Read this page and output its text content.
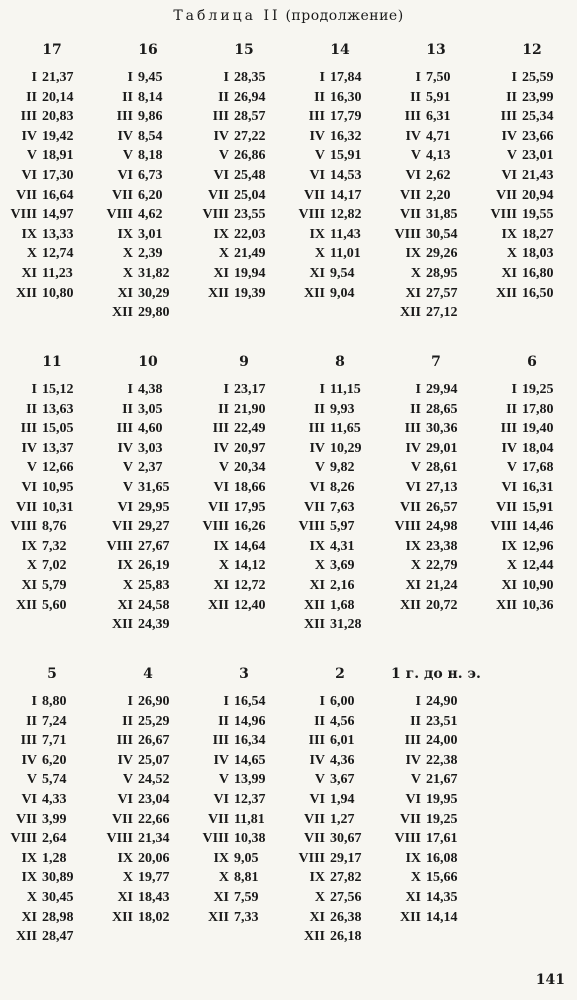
Таблица II (продолжение)
17
I 21,37
II 20,14
III 20,83
IV 19,42
V 18,91
VI 17,30
VII 16,64
VIII 14,97
IX 13,33
X 12,74
XI 11,23
XII 10,80
16
I 9,45
II 8,14
III 9,86
IV 8,54
V 8,18
VI 6,73
VII 6,20
VIII 4,62
IX 3,01
X 2,39
X 31,82
XI 30,29
XII 29,80
15
I 28,35
II 26,94
III 28,57
IV 27,22
V 26,86
VI 25,48
VII 25,04
VIII 23,55
IX 22,03
X 21,49
XI 19,94
XII 19,39
14
I 17,84
II 16,30
III 17,79
IV 16,32
V 15,91
VI 14,53
VII 14,17
VIII 12,82
IX 11,43
X 11,01
XI 9,54
XII 9,04
13
I 7,50
II 5,91
III 6,31
IV 4,71
V 4,13
VI 2,62
VII 2,20
VII 31,85
VIII 30,54
IX 29,26
X 28,95
XI 27,57
XII 27,12
12
I 25,59
II 23,99
III 25,34
IV 23,66
V 23,01
VI 21,43
VII 20,94
VIII 19,55
IX 18,27
X 18,03
XI 16,80
XII 16,50
11
I 15,12
II 13,63
III 15,05
IV 13,37
V 12,66
VI 10,95
VII 10,31
VIII 8,76
IX 7,32
X 7,02
XI 5,79
XII 5,60
10
I 4,38
II 3,05
III 4,60
IV 3,03
V 2,37
V 31,65
VI 29,95
VII 29,27
VIII 27,67
IX 26,19
X 25,83
XI 24,58
XII 24,39
9
I 23,17
II 21,90
III 22,49
IV 20,97
V 20,34
VI 18,66
VII 17,95
VIII 16,26
IX 14,64
X 14,12
XI 12,72
XII 12,40
8
I 11,15
II 9,93
III 11,65
IV 10,29
V 9,82
VI 8,26
VII 7,63
VIII 5,97
IX 4,31
X 3,69
XI 2,16
XII 1,68
XII 31,28
7
I 29,94
II 28,65
III 30,36
IV 29,01
V 28,61
VI 27,13
VII 26,57
VIII 24,98
IX 23,38
X 22,79
XI 21,24
XII 20,72
6
I 19,25
II 17,80
III 19,40
IV 18,04
V 17,68
VI 16,31
VII 15,91
VIII 14,46
IX 12,96
X 12,44
XI 10,90
XII 10,36
5
I 8,80
II 7,24
III 7,71
IV 6,20
V 5,74
VI 4,33
VII 3,99
VIII 2,64
IX 1,28
IX 30,89
X 30,45
XI 28,98
XII 28,47
4
I 26,90
II 25,29
III 26,67
IV 25,07
V 24,52
VI 23,04
VII 22,66
VIII 21,34
IX 20,06
X 19,77
XI 18,43
XII 18,02
3
I 16,54
II 14,96
III 16,34
IV 14,65
V 13,99
VI 12,37
VII 11,81
VIII 10,38
IX 9,05
X 8,81
XI 7,59
XII 7,33
2
I 6,00
II 4,56
III 6,01
IV 4,36
V 3,67
VI 1,94
VII 1,27
VII 30,67
VIII 29,17
IX 27,82
X 27,56
XI 26,38
XII 26,18
1 г. до н. э.
I 24,90
II 23,51
III 24,00
IV 22,38
V 21,67
VI 19,95
VII 19,25
VIII 17,61
IX 16,08
X 15,66
XI 14,35
XII 14,14
141
